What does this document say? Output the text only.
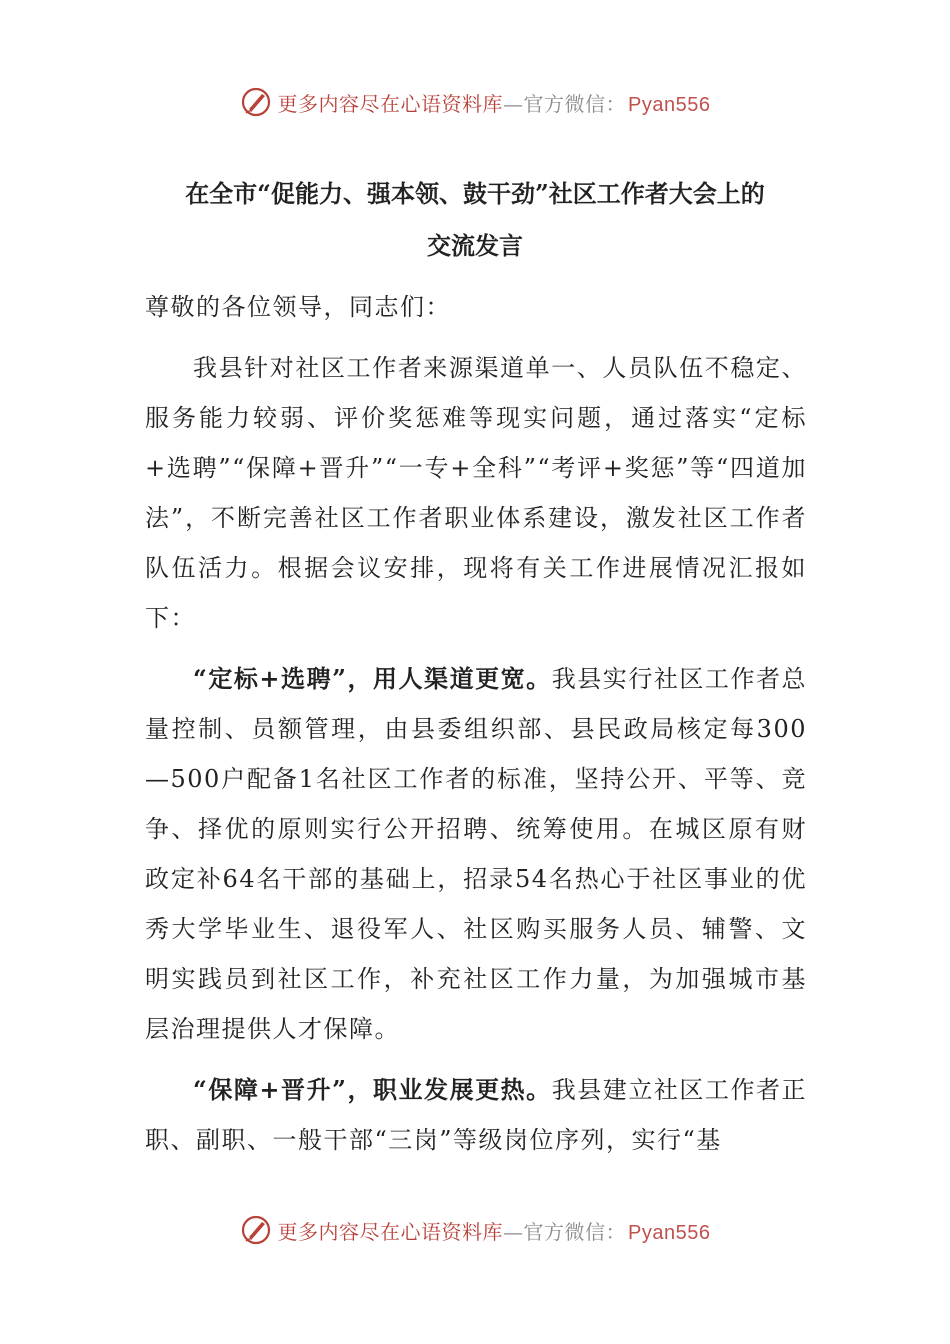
更多内容尽在心语资料库—官方微信： Pyan556
在全市“促能力、强本领、鼓干劲”社区工作者大会上的
交流发言

尊敬的各位领导，同志们：

我县针对社区工作者来源渠道单一、人员队伍不稳定、服务能力较弱、评价奖惩难等现实问题，通过落实“定标+选聘”“保障+晋升”“一专+全科”“考评+奖惩”等“四道加法”，不断完善社区工作者职业体系建设，激发社区工作者队伍活力。根据会议安排，现将有关工作进展情况汇报如下：

“定标+选聘”，用人渠道更宽。我县实行社区工作者总量控制、员额管理，由县委组织部、县民政局核定每300—500户配备1名社区工作者的标准，坚持公开、平等、竞争、择优的原则实行公开招聘、统筹使用。在城区原有财政定补64名干部的基础上，招录54名热心于社区事业的优秀大学毕业生、退役军人、社区购买服务人员、辅警、文明实践员到社区工作，补充社区工作力量，为加强城市基层治理提供人才保障。

“保障+晋升”，职业发展更热。我县建立社区工作者正职、副职、一般干部“三岗”等级岗位序列，实行“基

更多内容尽在心语资料库—官方微信： Pyan556
